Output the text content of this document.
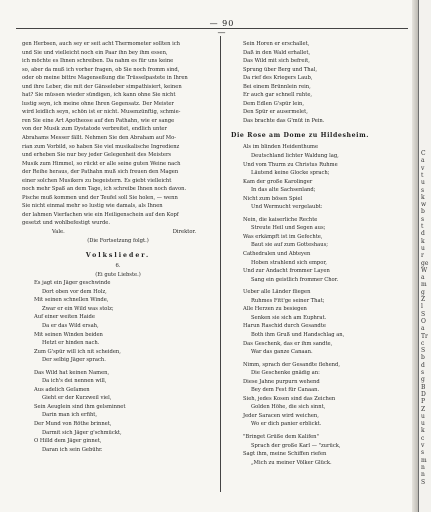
— 90 —
gen Herbsen, auch sey er seit acht Thermometer sollten ich
und Sie und vielleicht noch ein Paar ihn bey ihm essen,
ich möchte es Ihnen schreiben. Da nahm es für uns keine
so, aber da muß ich vorher fragen, ob Sie noch fromm sind,
oder ob meine bittre Magenseßung die Trüsselpastete in Ihren
und ihre Leber, die mit der Gänseleber simpathisiert, keinen
hat? Sie müssen wieder sündigen, ich kann ohne Sie nicht
lustig seyn, ich meine ohne Ihren Gegensatz. Der Meister
wird leidlich seyn, schön ist er nicht. Musenzünftig, schmie-
ren Sie eine Art Apotheose auf den Pathahn, wie er sange
von der Musik zum Dystatode verbreitet, endlich unter
Abrahams Messer fällt. Nehmen Sie den Abraham auf Mo-
rian zum Vorbild, so haben Sie viel musikalische Ingredienz
und erheben Sie nur bey jeder Gelegenheit des Meisters
Musik zum Himmel, so rückt er alle seine guten Weine nach
der Reihe heraus, der Pathahn muß sich freuen den Magen
einer solchen Musikers zu begeistern. Es giebt vielleicht
noch mehr Spaß an dem Tage, ich schreibe Ihnen noch davon.
Pische muß kommen und der Teufel soll Sie holen, — wenn
Sie nicht einmal mehr so lustig wie damals, als Ihnen
der lahmen Vierfachen wie ein Heiligenschein auf den Kopf
gesetzt und wohlbefestigt wurde.
Vale.	Direktor.
(Die Fortsetzung folgt.)
Volkslieder.
6.
(Ei gute Liebste.)
Es jagt ein Jäger geschwinde
Dort oben vor dem Holz,
Mit seinen schnellen Winde,
Zwar er ein Wild was stolz;
Auf einer weiten Haide
Da er das Wild ersah,
Mit seinen Winden beiden
Hetzt er hinden nach.
Zum G'spür will ich nit scheiden,
Der selbig Jäger sprach.
Das Wild hat keinen Namen,
Da ich's dei nennen will,
Aus adelich Geſamen
Gieht er der Kurzweil viel,
Sein Aeuglein sind ihm gelsminnet
Darin man ich erfiht,
Der Mund von Röthe brinnet,
Darmit sich Jäger g'schmückt,
O Hilld dem Jäger ginnet,
Daran ich sein Gebühr.
Sein Horen er erschallet,
Daß in den Wald erhallet,
Das Wild mit sich befreit,
Sprung über Berg und Thal,
Da rief des Kriegers Laub,
Bei einem Brünnlein rein,
Er auch gar schnell ruhte,
Dem Edlen G'spür lein,
Den Spür er ausermelet,
Das brachte das G'müt in Pein.
Die Rose am Dome zu Hildesheim.
Als im blinden Heidenthume
Deutschland lichter Waldung lag,
Und vom Thurm zu Christus Ruhme
Läutend keine Glocke sprach;
Kam der große Karolinger
In das alte Sachsenland;
Nicht zum bösen Spiel
Und Wermucht vergelaubt:
Nein, die kaiserliche Rechte
Streute Heil und Segen aus;
Was erkämpft ist im Gefechte,
Baut sie auf zum Gotteshaus;
Cathedralen und Abteyen
Hoben strahlend sich empor,
Und zur Andacht frommer Layen
Sang ein geistlich frommer Chor.
Ueber alle Länder fliegen
Ruhmes Fitt'ge seiner That;
Alle Herzen zu besiegen
Senken sie sich am Euphrat.
Harun Raschid durch Gesandte
Both ihm Gruß und Handschlag an,
Das Geschenk, das er ihm sandte,
War das ganze Canaan.
Nimm, sprach der Gesandte flehend,
Die Geschenke gnädig an:
Diese Jahne purpurn wehend
Bey dem Fest für Canaan.
Sieh, jedes Kosen sind das Zeichen
Golden Höhe, die sich sinnt,
Jeder Saracen wird weichen,
Wo er dich panier erblickt.
"Bringet Grüße dem Kalifen"
Sprach der große Karl — "zurück,
Sagt ihm, meine Schiffen riefen
„Mich zu meiner Völker Glück.
C
a
v
t
u
s
k
w
b
s
t
d
k
u
r
ge
W
a
m
g
Z
l
S
O
a
Tr
c
S
b
d
s
g
B
D
P
Z
u
u
k
c
v
s
m
n
n
S
